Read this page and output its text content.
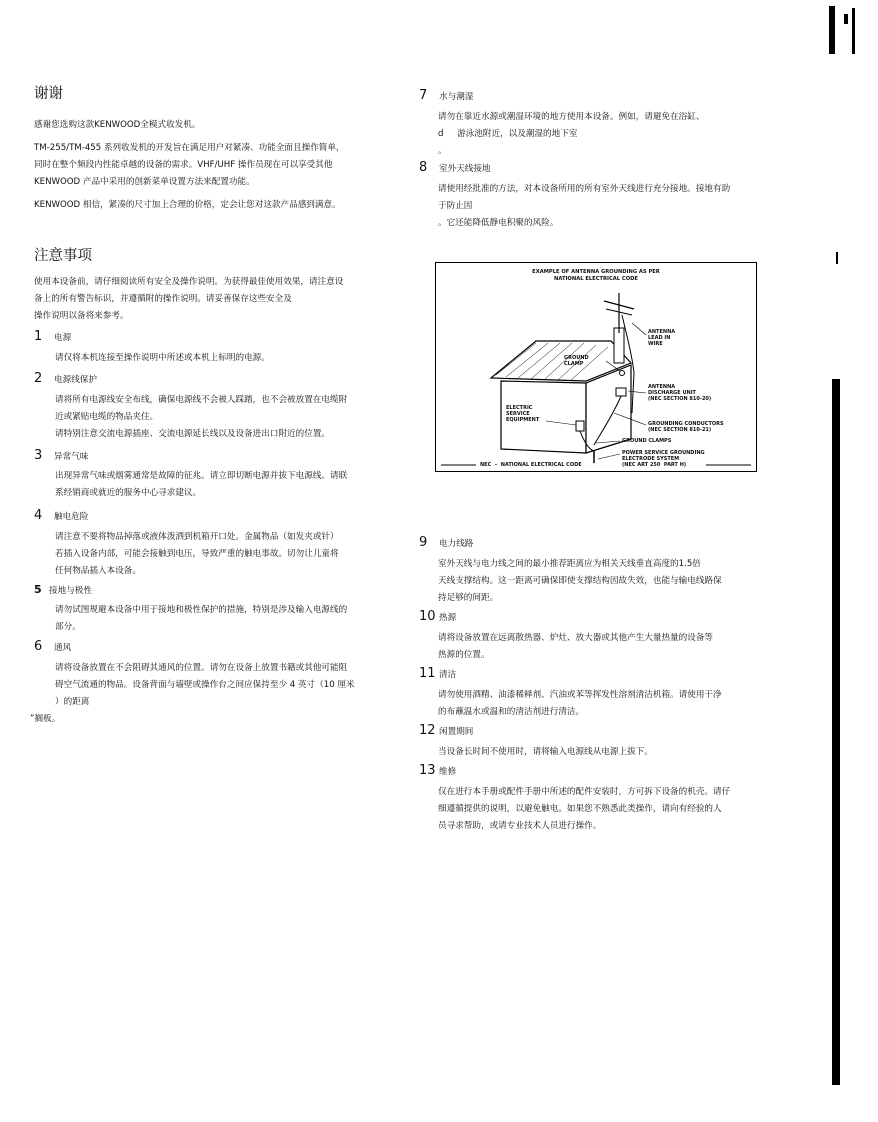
谢谢

感谢您选购这款KENWOOD全模式收发机。

TM-255/TM-455 系列收发机的开发旨在满足用户对紧凑、功能全面且操作简单，

同时在整个频段内性能卓越的设备的需求。VHF/UHF 操作员现在可以享受其他

KENWOOD 产品中采用的创新菜单设置方法来配置功能。

KENWOOD 相信，紧凑的尺寸加上合理的价格，定会让您对这款产品感到满意。

注意事项

使用本设备前，请仔细阅读所有安全及操作说明。为获得最佳使用效果，请注意设

备上的所有警告标识，并遵循附的操作说明。请妥善保存这些安全及

操作说明以备将来参考。

1	电源

请仅将本机连接至操作说明中所述或本机上标明的电源。

2	电源线保护

请将所有电源线安全布线，确保电源线不会被人踩踏，也不会被放置在电缆附

近或紧贴电缆的物品夹住。

请特别注意交流电源插座、交流电源延长线以及设备进出口附近的位置。

3	异常气味

出现异常气味或烟雾通常是故障的征兆。请立即切断电源并拔下电源线。请联

系经销商或就近的服务中心寻求建议。

4	触电危险

请注意不要将物品掉落或液体泼洒到机箱开口处。金属物品（如发夹或针）

若插入设备内部，可能会接触到电压，导致严重的触电事故。切勿让儿童将

任何物品插入本设备。

5 接地与极性

请勿试图规避本设备中用于接地和极性保护的措施，特别是涉及输入电源线的

部分。

6	通风

请将设备放置在不会阻碍其通风的位置。请勿在设备上放置书籍或其他可能阻

碍空气流通的物品。设备背面与墙壁或操作台之间应保持至少 4 英寸（10 厘米

）的距离

”搁板。

7	水与潮湿

请勿在靠近水源或潮湿环境的地方使用本设备。例如，请避免在浴缸、

d     游泳池附近，以及潮湿的地下室

。

8	室外天线接地

请使用经批准的方法，对本设备所用的所有室外天线进行充分接地。接地有助

于防止因

。它还能降低静电积聚的风险。

EXAMPLE OF ANTENNA GROUNDING AS PER
NATIONAL ELECTRICAL CODE
ANTENNA
LEAD IN
WIRE
GROUND
CLAMP
ANTENNA
DISCHARGE UNIT
(NEC SECTION 810-20)
ELECTRIC
SERVICE
EQUIPMENT
GROUNDING CONDUCTORS
(NEC SECTION 810-21)
GROUND CLAMPS
POWER SERVICE GROUNDING
ELECTRODE SYSTEM
(NEC ART 250  PART H)
NEC  –  NATIONAL ELECTRICAL CODE
9	电力线路

室外天线与电力线之间的最小推荐距离应为相关天线垂直高度的1.5倍

天线支撑结构。这一距离可确保即使支撑结构因故失效，也能与输电线路保

持足够的间距。

10 热源

请将设备放置在远离散热器、炉灶、放大器或其他产生大量热量的设备等

热源的位置。

11 清洁

请勿使用酒精、油漆稀释剂、汽油或苯等挥发性溶剂清洁机箱。请使用干净

的布蘸温水或温和的清洁剂进行清洁。

12 闲置期间

当设备长时间不使用时，请将输入电源线从电源上拔下。

13 维修

仅在进行本手册或配件手册中所述的配件安装时，方可拆下设备的机壳。请仔

细遵循提供的说明，以避免触电。如果您不熟悉此类操作，请向有经验的人

员寻求帮助，或请专业技术人员进行操作。
